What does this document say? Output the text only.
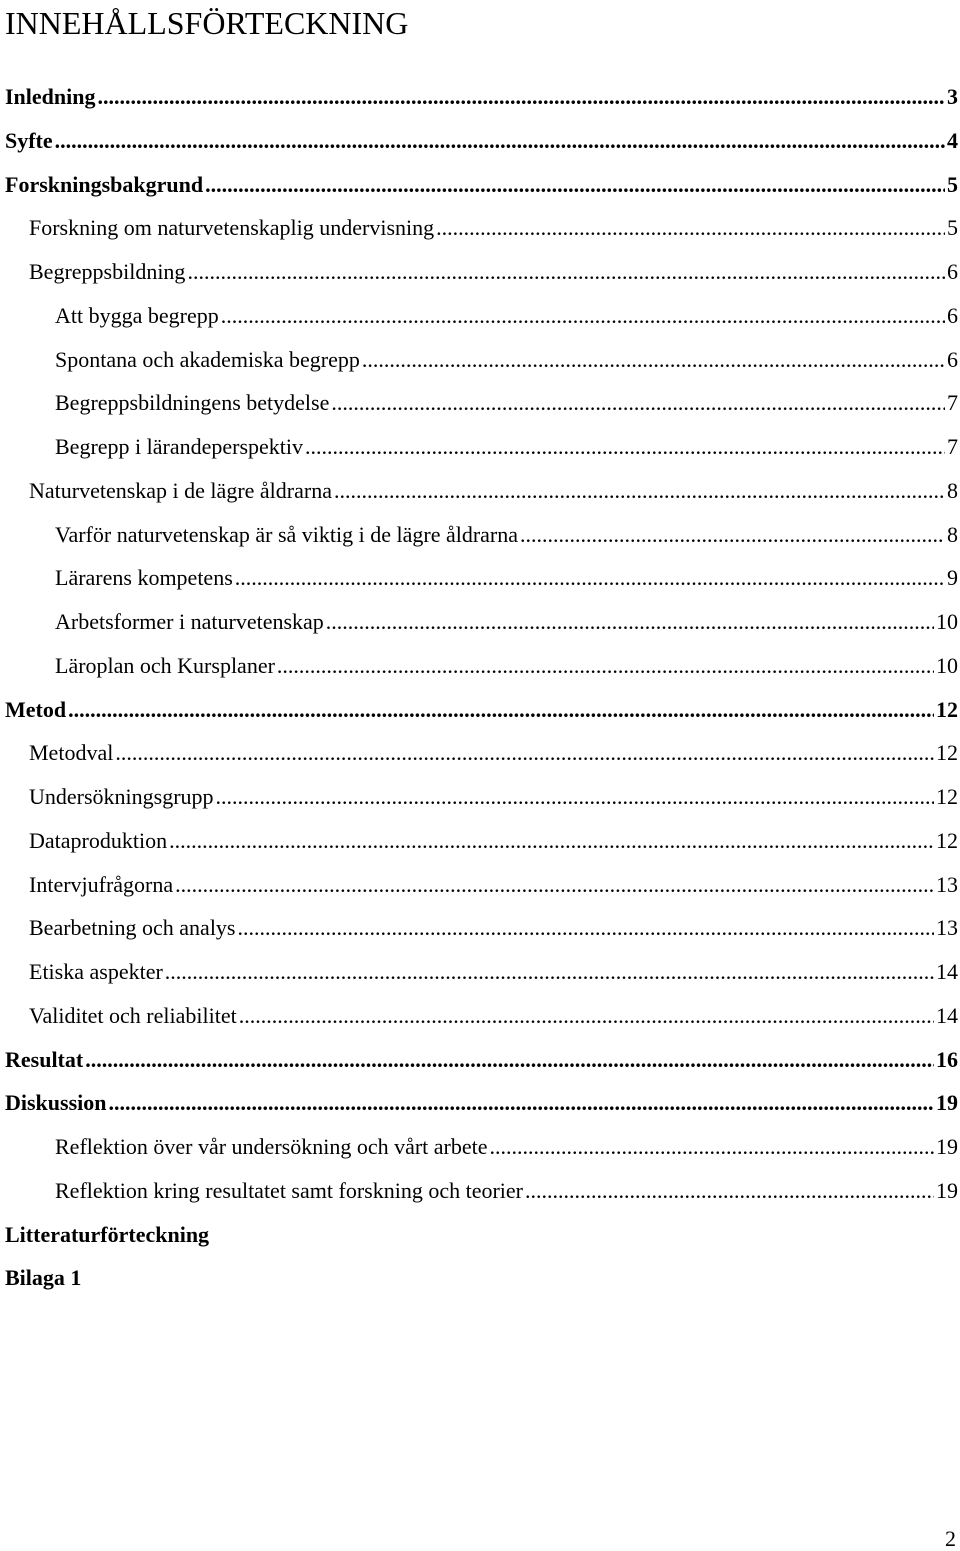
INNEHÅLLSFÖRTECKNING
Inledning .....	3
Syfte .....	4
Forskningsbakgrund .....	5
Forskning om naturvetenskaplig undervisning .....	5
Begreppsbildning .....	6
Att bygga begrepp .....	6
Spontana och akademiska begrepp .....	6
Begreppsbildningens betydelse .....	7
Begrepp i lärandeperspektiv .....	7
Naturvetenskap i de lägre åldrarna .....	8
Varför naturvetenskap är så viktig i de lägre åldrarna .....	8
Lärarens kompetens .....	9
Arbetsformer i naturvetenskap .....	10
Läroplan och Kursplaner .....	10
Metod .....	12
Metodval .....	12
Undersökningsgrupp .....	12
Dataproduktion .....	12
Intervjufrågorna .....	13
Bearbetning och analys .....	13
Etiska aspekter .....	14
Validitet och reliabilitet .....	14
Resultat .....	16
Diskussion .....	19
Reflektion över vår undersökning och vårt arbete .....	19
Reflektion kring resultatet samt forskning och teorier .....	19
Litteraturförteckning
Bilaga 1
2
